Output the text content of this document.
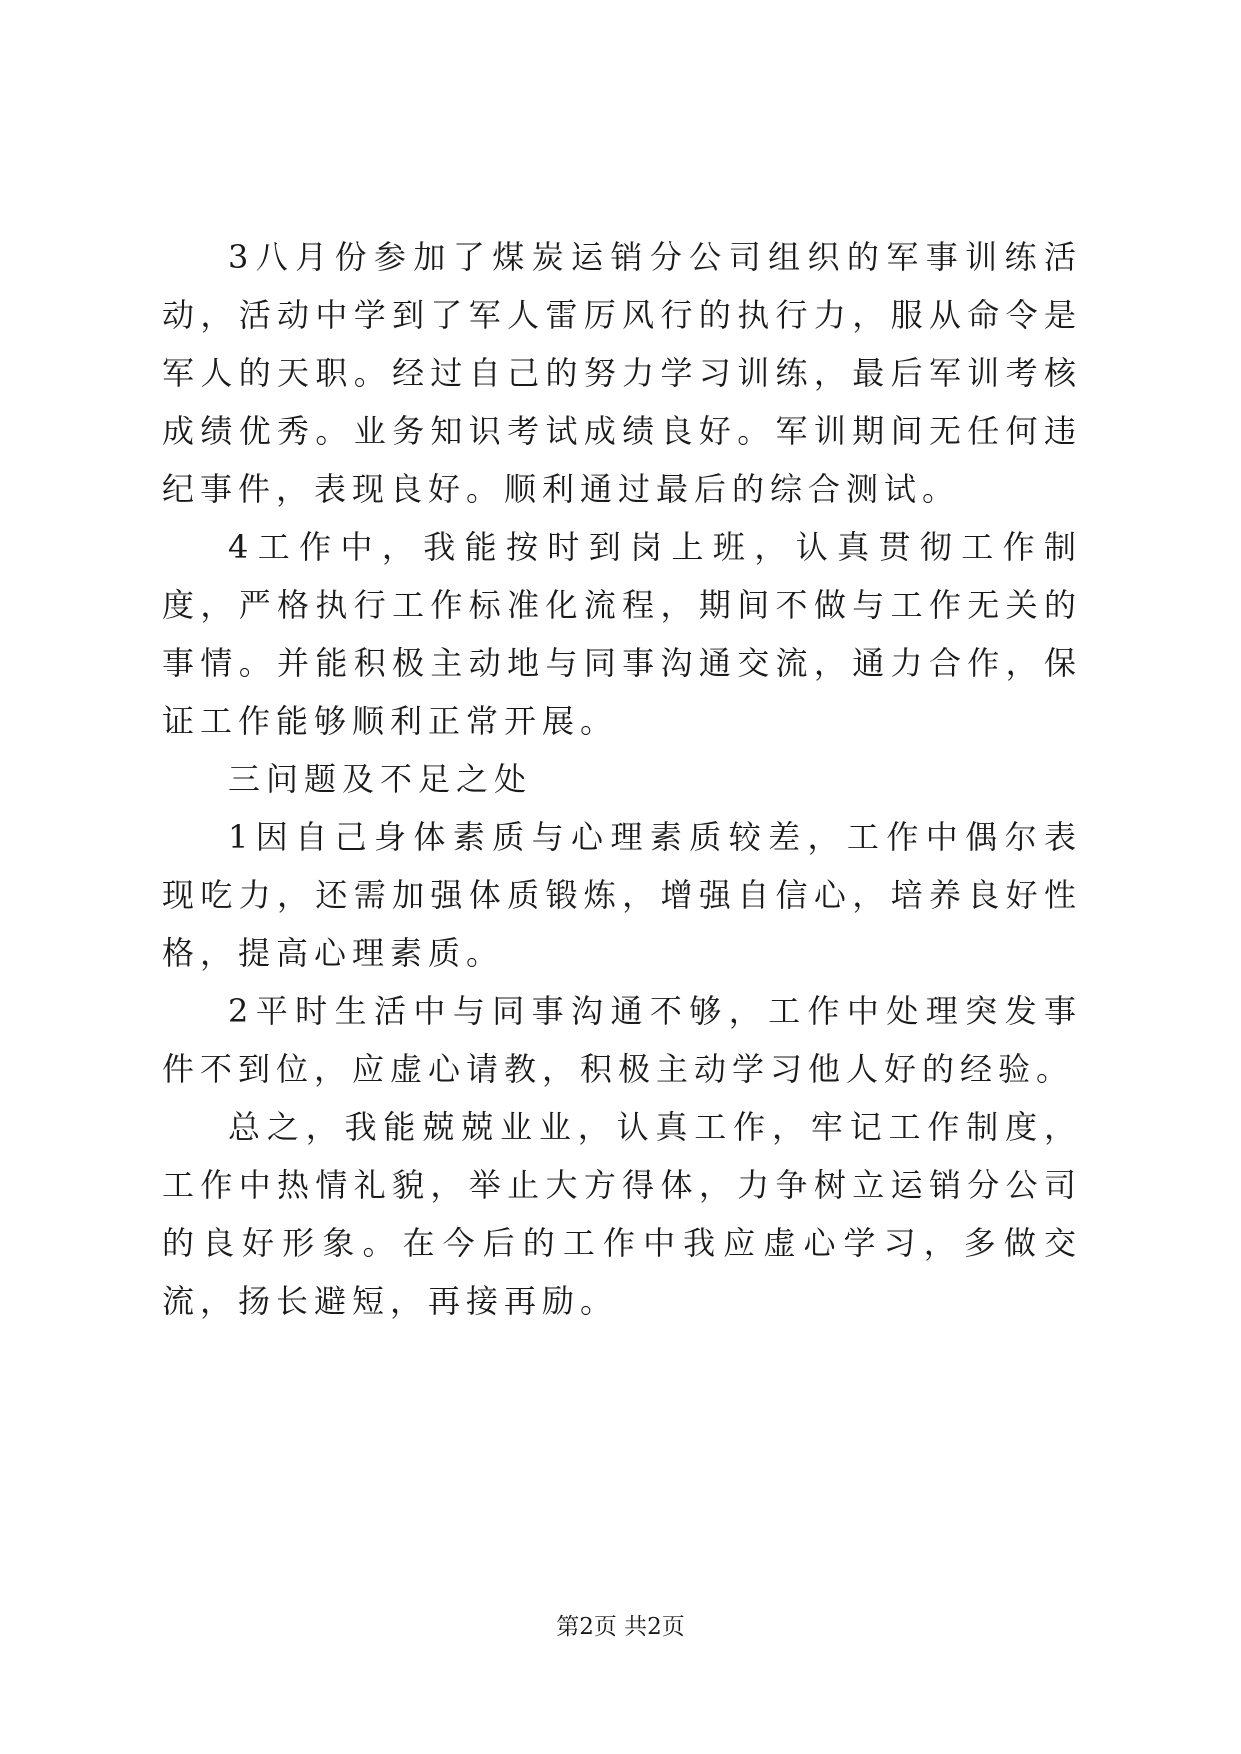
3八月份参加了煤炭运销分公司组织的军事训练活动，活动中学到了军人雷厉风行的执行力，服从命令是军人的天职。经过自己的努力学习训练，最后军训考核成绩优秀。业务知识考试成绩良好。军训期间无任何违纪事件，表现良好。顺利通过最后的综合测试。

4工作中，我能按时到岗上班，认真贯彻工作制度，严格执行工作标准化流程，期间不做与工作无关的事情。并能积极主动地与同事沟通交流，通力合作，保证工作能够顺利正常开展。

三问题及不足之处

1因自己身体素质与心理素质较差，工作中偶尔表现吃力，还需加强体质锻炼，增强自信心，培养良好性格，提高心理素质。

2平时生活中与同事沟通不够，工作中处理突发事件不到位，应虚心请教，积极主动学习他人好的经验。

总之，我能兢兢业业，认真工作，牢记工作制度，工作中热情礼貌，举止大方得体，力争树立运销分公司的良好形象。在今后的工作中我应虚心学习，多做交流，扬长避短，再接再励。

第2页 共2页
